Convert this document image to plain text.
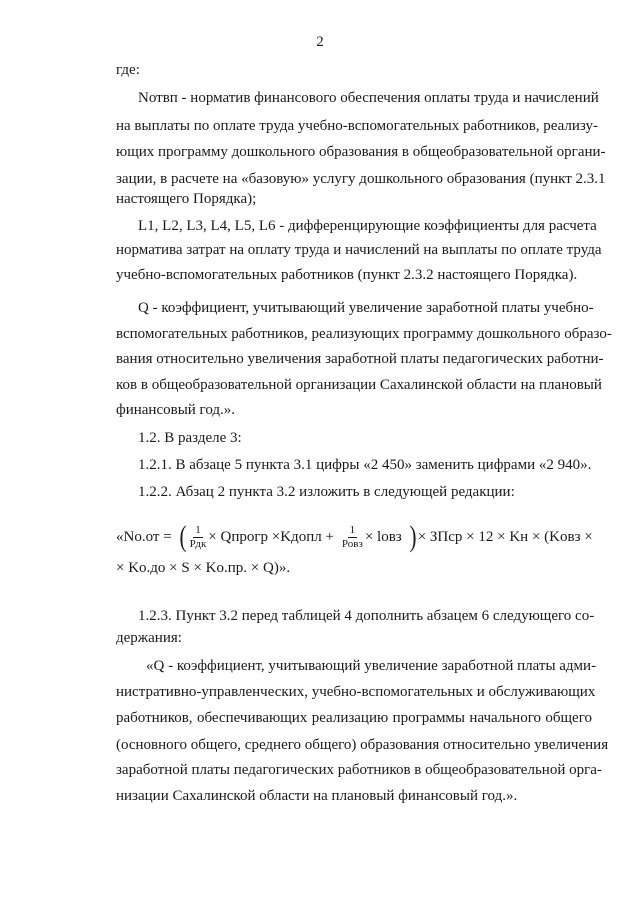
2
где:
Nотвп - норматив финансового обеспечения оплаты труда и начислений
на выплаты по оплате труда учебно-вспомогательных работников, реализу-
ющих программу дошкольного образования в общеобразовательной органи-
зации, в расчете на «базовую» услугу дошкольного образования (пункт 2.3.1
настоящего Порядка);
L1, L2, L3, L4, L5, L6 - дифференцирующие коэффициенты для расчета
норматива затрат на оплату труда и начислений на выплаты по оплате труда
учебно-вспомогательных работников (пункт 2.3.2 настоящего Порядка).
Q - коэффициент, учитывающий увеличение заработной платы учебно-
вспомогательных работников, реализующих программу дошкольного образо-
вания относительно увеличения заработной платы педагогических работни-
ков в общеобразовательной организации Сахалинской области на плановый
финансовый год.».
1.2. В разделе 3:
1.2.1. В абзаце 5 пункта 3.1 цифры «2 450» заменить цифрами «2 940».
1.2.2. Абзац 2 пункта 3.2 изложить в следующей редакции:
«Nо.от = ( $\frac{1}{\text{Рдк}}$ × Qпрогр ×Kдопл + $\frac{1}{\text{Ровз}}$ × lовз ) × ЗПср × 12 × Kн × (Kовз ×
× Kо.до × S × Kо.пр. × Q)».
1.2.3. Пункт 3.2 перед таблицей 4 дополнить абзацем 6 следующего со-
держания:
«Q - коэффициент, учитывающий увеличение заработной платы адми-
нистративно-управленческих, учебно-вспомогательных и обслуживающих
работников, обеспечивающих реализацию программы начального общего
(основного общего, среднего общего) образования относительно увеличения
заработной платы педагогических работников в общеобразовательной орга-
низации Сахалинской области на плановый финансовый год.».
